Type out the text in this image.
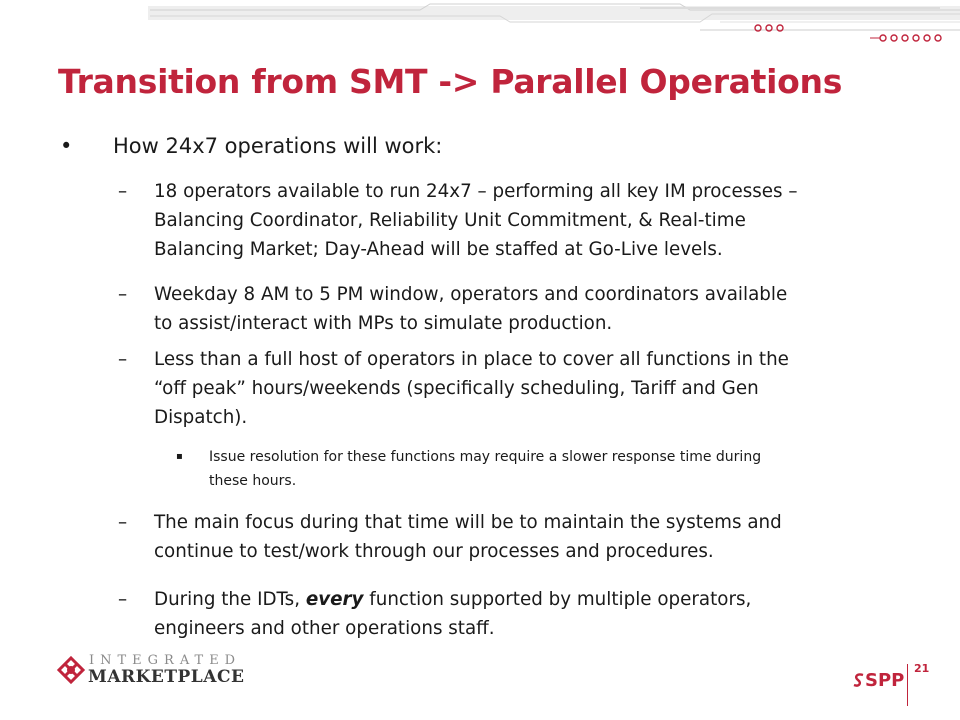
Transition from SMT -> Parallel Operations
• How 24x7 operations will work:
– 18 operators available to run 24x7 – performing all key IM processes –
Balancing Coordinator, Reliability Unit Commitment, & Real-time
Balancing Market; Day-Ahead will be staffed at Go-Live levels.
– Weekday 8 AM to 5 PM window, operators and coordinators available
to assist/interact with MPs to simulate production.
– Less than a full host of operators in place to cover all functions in the
“off peak” hours/weekends (specifically scheduling, Tariff and Gen
Dispatch).
▪ Issue resolution for these functions may require a slower response time during
these hours.
– The main focus during that time will be to maintain the systems and
continue to test/work through our processes and procedures.
– During the IDTs, every function supported by multiple operators,
engineers and other operations staff.
INTEGRATED
MARKETPLACE	SPP
21
